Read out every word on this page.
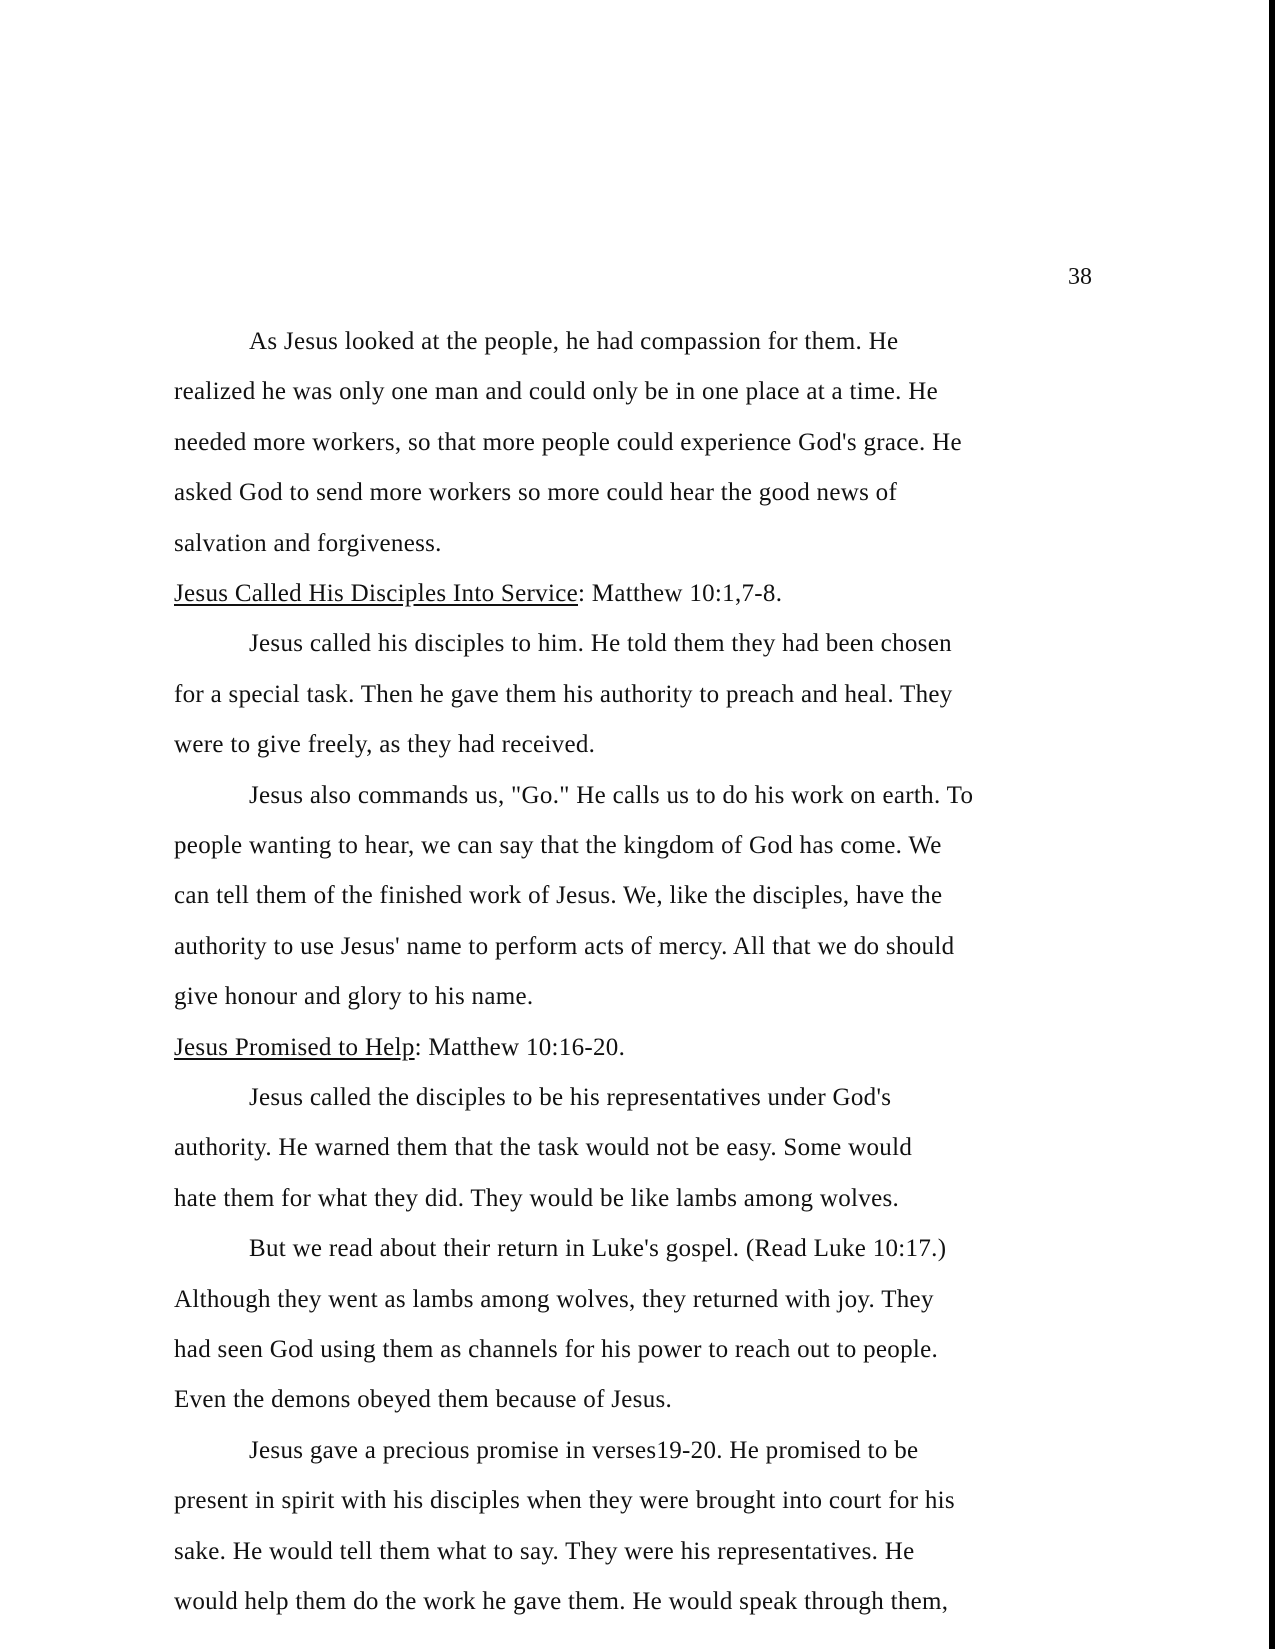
38
As Jesus looked at the people, he had compassion for them. He
realized he was only one man and could only be in one place at a time. He
needed more workers, so that more people could experience God's grace. He
asked God to send more workers so more could hear the good news of
salvation and forgiveness.
Jesus Called His Disciples Into Service: Matthew 10:1,7-8.
Jesus called his disciples to him. He told them they had been chosen
for a special task. Then he gave them his authority to preach and heal. They
were to give freely, as they had received.
Jesus also commands us, "Go." He calls us to do his work on earth. To
people wanting to hear, we can say that the kingdom of God has come. We
can tell them of the finished work of Jesus. We, like the disciples, have the
authority to use Jesus' name to perform acts of mercy. All that we do should
give honour and glory to his name.
Jesus Promised to Help: Matthew 10:16-20.
Jesus called the disciples to be his representatives under God's
authority. He warned them that the task would not be easy. Some would
hate them for what they did. They would be like lambs among wolves.
But we read about their return in Luke's gospel. (Read Luke 10:17.)
Although they went as lambs among wolves, they returned with joy. They
had seen God using them as channels for his power to reach out to people.
Even the demons obeyed them because of Jesus.
Jesus gave a precious promise in verses19-20. He promised to be
present in spirit with his disciples when they were brought into court for his
sake. He would tell them what to say. They were his representatives. He
would help them do the work he gave them. He would speak through them,
